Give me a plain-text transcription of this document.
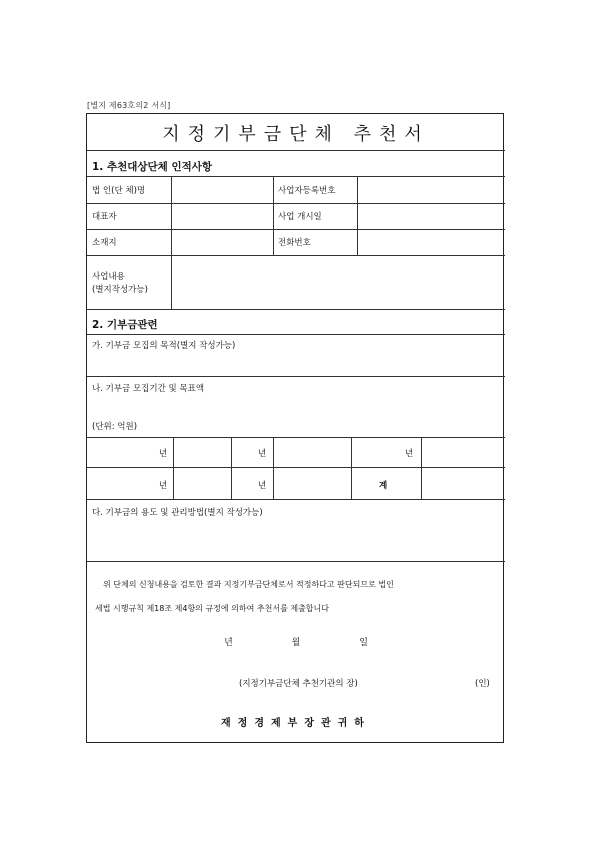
[별지 제63호의2 서식]
지정기부금단체 추천서
1. 추천대상단체 인적사항
법 인(단 체)명	사업자등록번호
대표자	사업 개시일
소재지	전화번호
사업내용
(별지작성가능)
2. 기부금관련
가. 기부금 모집의 목적(별지 작성가능)
나. 기부금 모집기간 및 목표액
(단위: 억원)
년	년	년
년	년	계
다. 기부금의 용도 및 관리방법(별지 작성가능)
위 단체의 신청내용을 검토한 결과 지정기부금단체로서 적정하다고 판단되므로 법인
세법 시행규칙 제18조 제4항의 규정에 의하여 추천서를 제출합니다
년	월	일
(지정기부금단체 추천기관의 장)	(인)
재정경제부장관귀하
